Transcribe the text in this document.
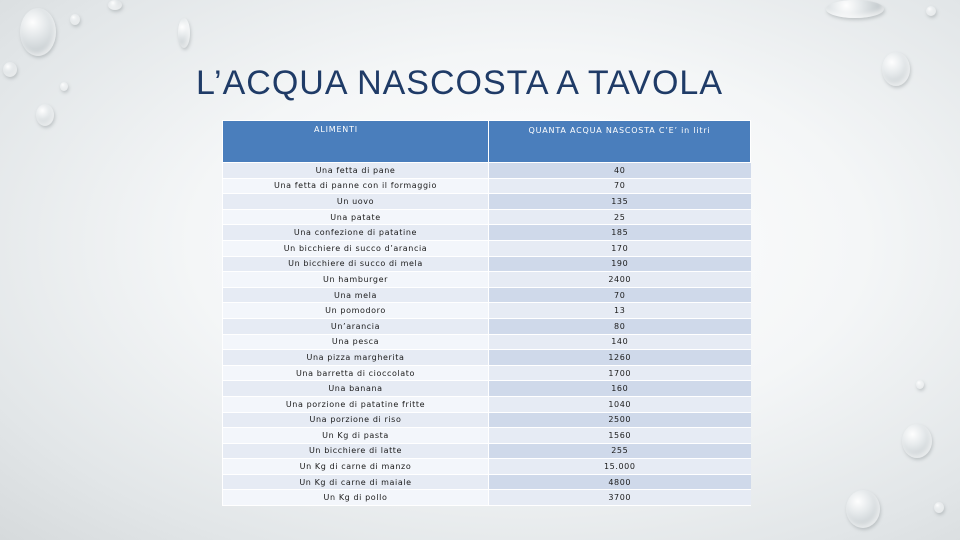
L’ACQUA NASCOSTA A TAVOLA
ALIMENTI	QUANTA ACQUA NASCOSTA C’E’ in litri
Una fetta di pane	40
Una fetta di panne con il formaggio	70
Un uovo	135
Una patate	25
Una confezione di patatine	185
Un bicchiere di succo d’arancia	170
Un bicchiere di succo di mela	190
Un hamburger	2400
Una mela	70
Un pomodoro	13
Un’arancia	80
Una pesca	140
Una pizza margherita	1260
Una barretta di cioccolato	1700
Una banana	160
Una porzione di patatine fritte	1040
Una porzione di riso	2500
Un Kg di pasta	1560
Un bicchiere di latte	255
Un Kg di carne di manzo	15.000
Un Kg di carne di maiale	4800
Un Kg di pollo	3700
